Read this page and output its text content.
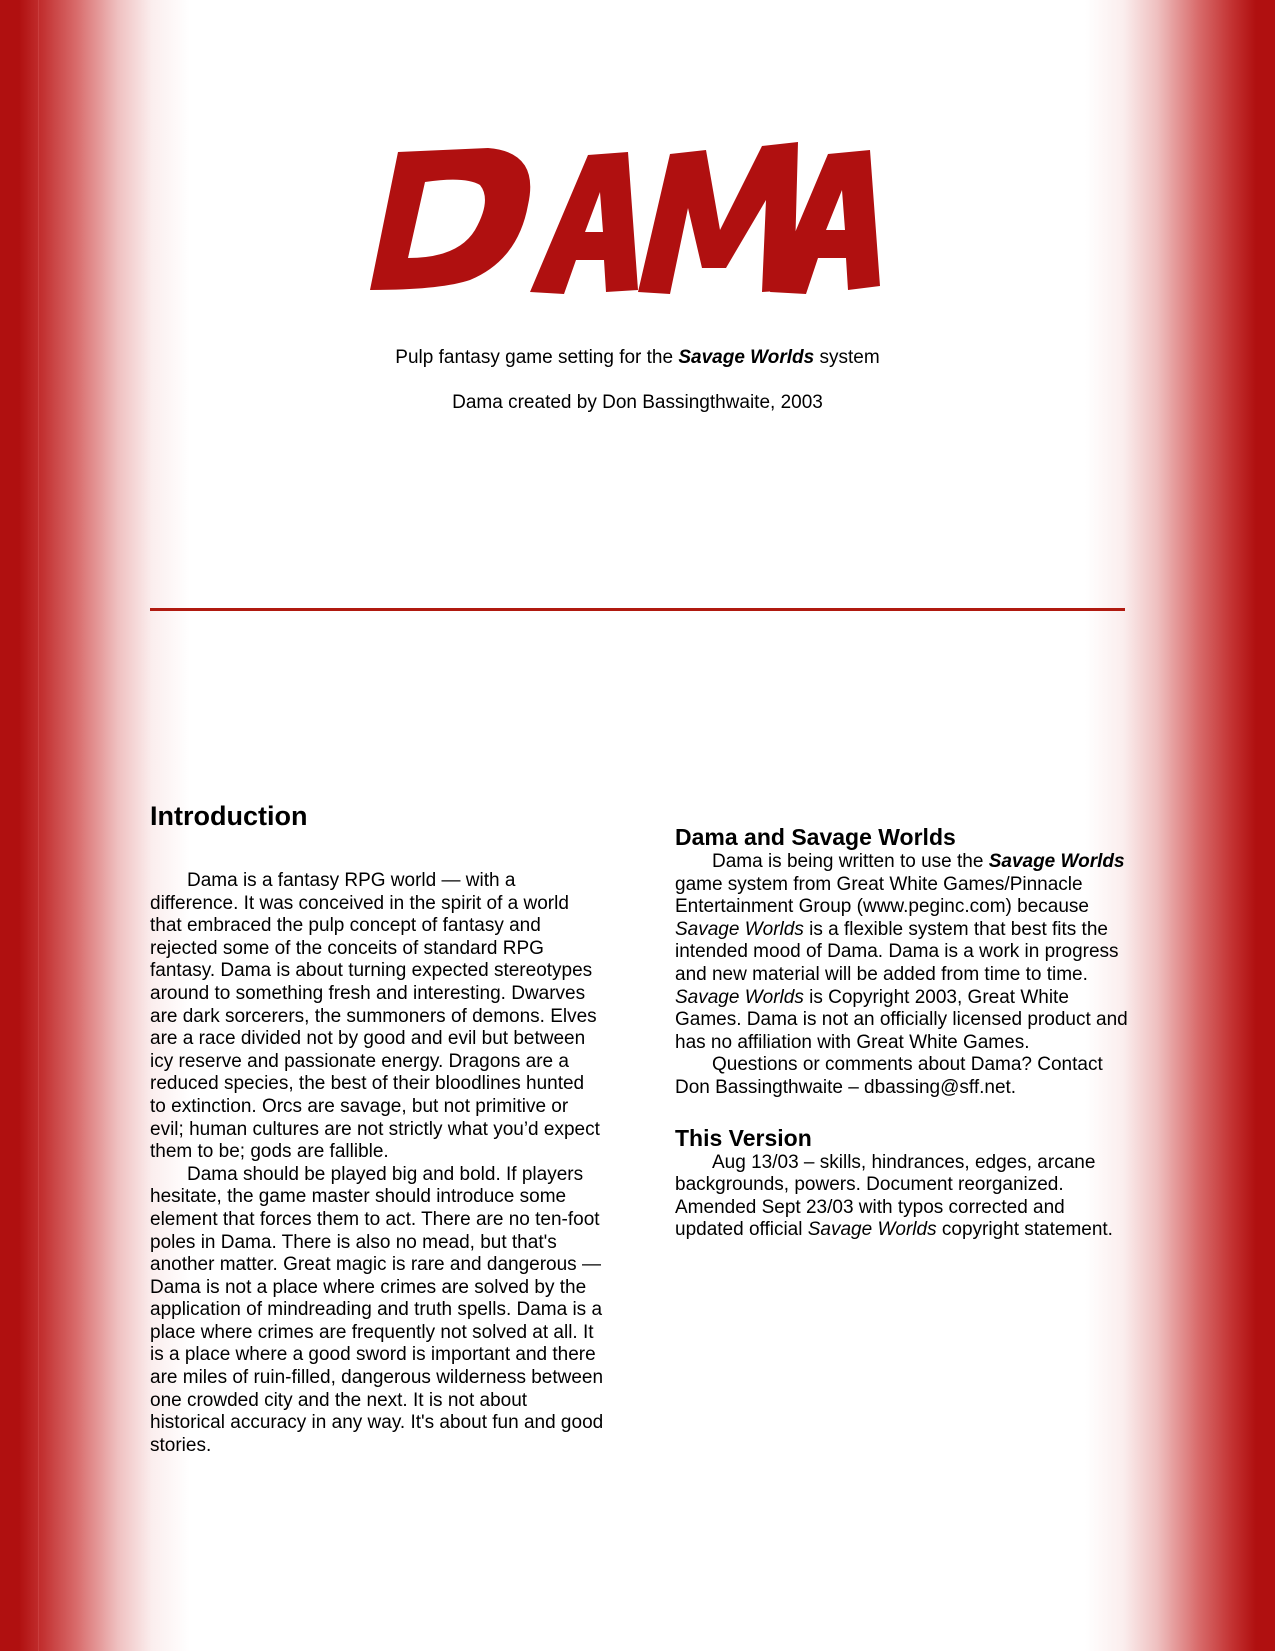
Pulp fantasy game setting for the Savage Worlds system
Dama created by Don Bassingthwaite, 2003
Introduction

Dama is a fantasy RPG world — with a difference. It was conceived in the spirit of a world that embraced the pulp concept of fantasy and rejected some of the conceits of standard RPG fantasy. Dama is about turning expected stereotypes around to something fresh and interesting. Dwarves are dark sorcerers, the summoners of demons. Elves are a race divided not by good and evil but between icy reserve and passionate energy. Dragons are a reduced species, the best of their bloodlines hunted to extinction. Orcs are savage, but not primitive or evil; human cultures are not strictly what you’d expect them to be; gods are fallible.

Dama should be played big and bold. If players hesitate, the game master should introduce some element that forces them to act. There are no ten-foot poles in Dama. There is also no mead, but that's another matter. Great magic is rare and dangerous — Dama is not a place where crimes are solved by the application of mindreading and truth spells. Dama is a place where crimes are frequently not solved at all. It is a place where a good sword is important and there are miles of ruin-filled, dangerous wilderness between one crowded city and the next. It is not about historical accuracy in any way. It's about fun and good stories.

Dama and Savage Worlds

Dama is being written to use the Savage Worlds game system from Great White Games/Pinnacle Entertainment Group (www.peginc.com) because Savage Worlds is a flexible system that best fits the intended mood of Dama. Dama is a work in progress and new material will be added from time to time. Savage Worlds is Copyright 2003, Great White Games. Dama is not an officially licensed product and has no affiliation with Great White Games.

Questions or comments about Dama? Contact Don Bassingthwaite – dbassing@sff.net.

This Version

Aug 13/03 – skills, hindrances, edges, arcane backgrounds, powers. Document reorganized. Amended Sept 23/03 with typos corrected and updated official Savage Worlds copyright statement.
